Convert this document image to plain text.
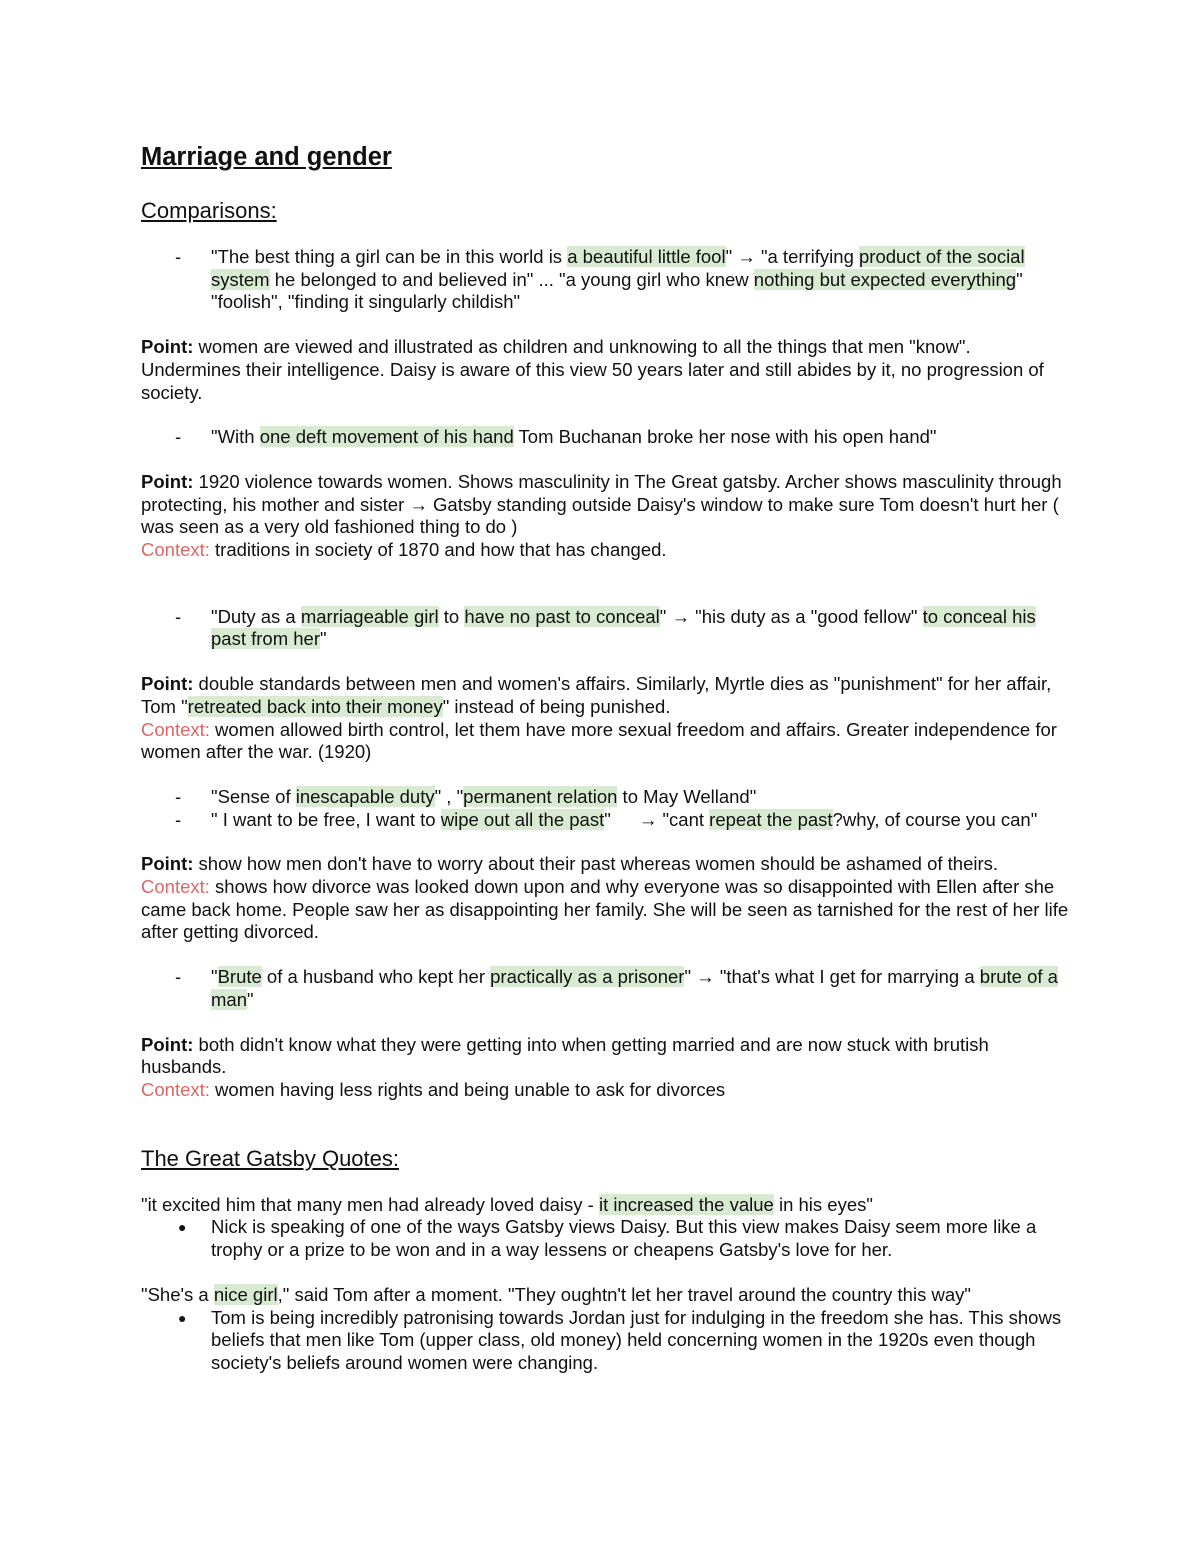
Marriage and gender
Comparisons:
- "The best thing a girl can be in this world is a beautiful little fool" → "a terrifying product of the social system he belonged to and believed in" ... "a young girl who knew nothing but expected everything" "foolish", "finding it singularly childish"

Point: women are viewed and illustrated as children and unknowing to all the things that men "know". Undermines their intelligence. Daisy is aware of this view 50 years later and still abides by it, no progression of society.

- "With one deft movement of his hand Tom Buchanan broke her nose with his open hand"

Point: 1920 violence towards women. Shows masculinity in The Great gatsby. Archer shows masculinity through protecting, his mother and sister → Gatsby standing outside Daisy's window to make sure Tom doesn't hurt her ( was seen as a very old fashioned thing to do )

Context: traditions in society of 1870 and how that has changed.

- "Duty as a marriageable girl to have no past to conceal" → "his duty as a "good fellow" to conceal his past from her"

Point: double standards between men and women's affairs. Similarly, Myrtle dies as "punishment" for her affair, Tom "retreated back into their money" instead of being punished.

Context: women allowed birth control, let them have more sexual freedom and affairs. Greater independence for women after the war. (1920)

- "Sense of inescapable duty" , "permanent relation to May Welland"
- " I want to be free, I want to wipe out all the past" → "cant repeat the past?why, of course you can"

Point: show how men don't have to worry about their past whereas women should be ashamed of theirs.

Context: shows how divorce was looked down upon and why everyone was so disappointed with Ellen after she came back home. People saw her as disappointing her family. She will be seen as tarnished for the rest of her life after getting divorced.

- "Brute of a husband who kept her practically as a prisoner" → "that's what I get for marrying a brute of a man"

Point: both didn't know what they were getting into when getting married and are now stuck with brutish husbands.

Context: women having less rights and being unable to ask for divorces

The Great Gatsby Quotes:

"it excited him that many men had already loved daisy - it increased the value in his eyes"

● Nick is speaking of one of the ways Gatsby views Daisy. But this view makes Daisy seem more like a trophy or a prize to be won and in a way lessens or cheapens Gatsby's love for her.

"She's a nice girl," said Tom after a moment. "They oughtn't let her travel around the country this way"

● Tom is being incredibly patronising towards Jordan just for indulging in the freedom she has. This shows beliefs that men like Tom (upper class, old money) held concerning women in the 1920s even though society's beliefs around women were changing.
